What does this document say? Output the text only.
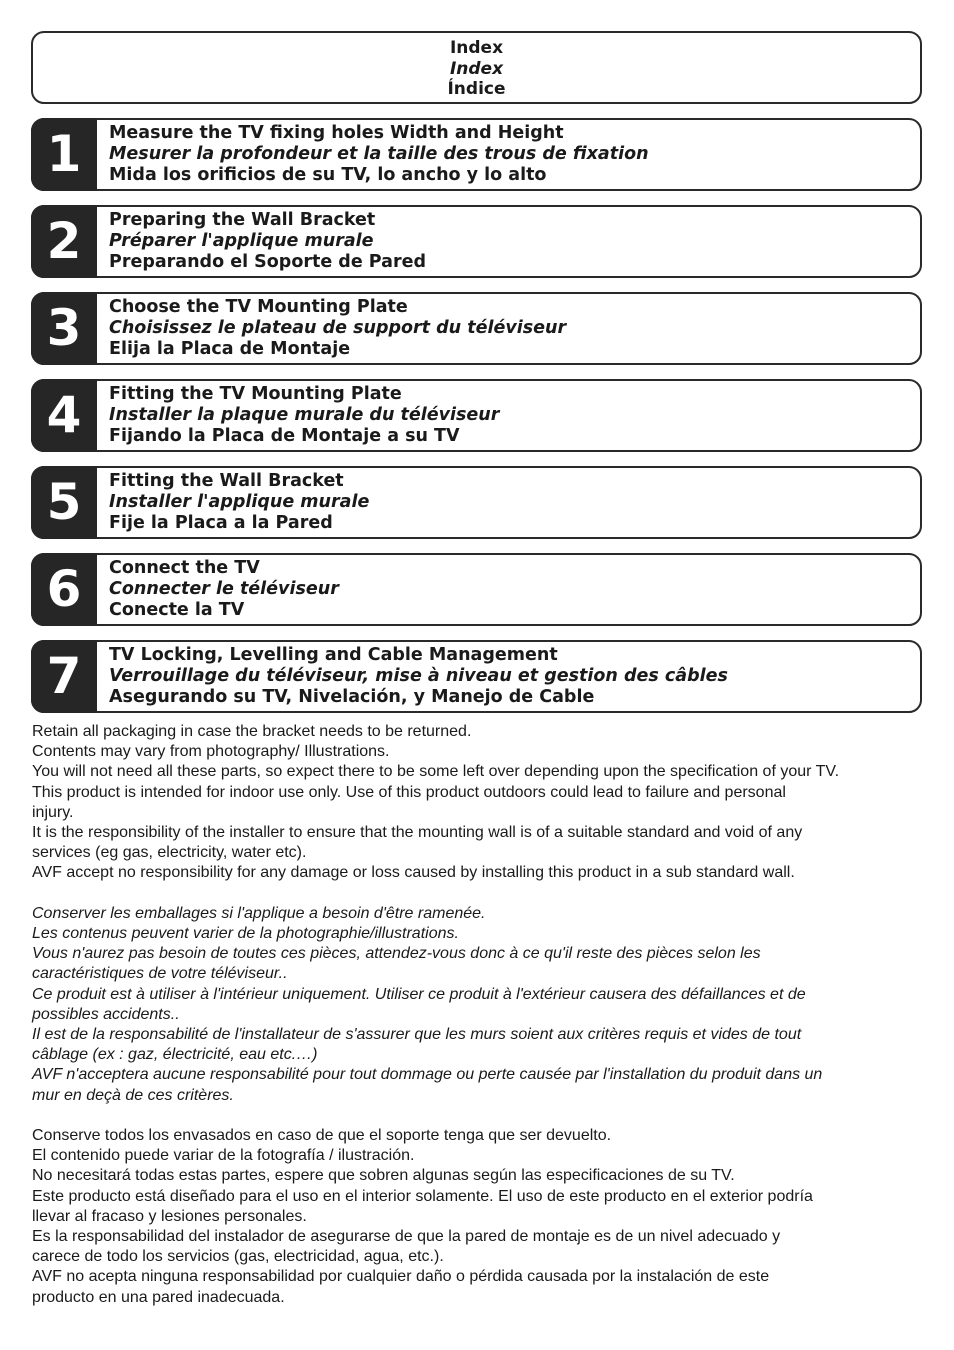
Index
Index
Índice
1	Measure the TV fixing holes Width and Height
Mesurer la profondeur et la taille des trous de fixation
Mida los orificios de su TV, lo ancho y lo alto
2	Preparing the Wall Bracket
Préparer l'applique murale
Preparando el Soporte de Pared
3	Choose the TV Mounting Plate
Choisissez le plateau de support du téléviseur
Elija la Placa de Montaje
4	Fitting the TV Mounting Plate
Installer la plaque murale du téléviseur
Fijando la Placa de Montaje a su TV
5	Fitting the Wall Bracket
Installer l'applique murale
Fije la Placa a la Pared
6	Connect the TV
Connecter le téléviseur
Conecte la TV
7	TV Locking, Levelling and Cable Management
Verrouillage du téléviseur, mise à niveau et gestion des câbles
Asegurando su TV, Nivelación, y Manejo de Cable

Retain all packaging in case the bracket needs to be returned.

Contents may vary from photography/ Illustrations.

You will not need all these parts, so expect there to be some left over depending upon the specification of your TV.

This product is intended for indoor use only. Use of this product outdoors could lead to failure and personal

injury.

It is the responsibility of the installer to ensure that the mounting wall is of a suitable standard and void of any

services (eg gas, electricity, water etc).

AVF accept no responsibility for any damage or loss caused by installing this product in a sub standard wall.

Conserver les emballages si l'applique a besoin d'être ramenée.

Les contenus peuvent varier de la photographie/illustrations.

Vous n'aurez pas besoin de toutes ces pièces, attendez-vous donc à ce qu'il reste des pièces selon les

caractéristiques de votre téléviseur..

Ce produit est à utiliser à l'intérieur uniquement. Utiliser ce produit à l'extérieur causera des défaillances et de

possibles accidents..

Il est de la responsabilité de l'installateur de s'assurer que les murs soient aux critères requis et vides de tout

câblage (ex : gaz, électricité, eau etc.…)

AVF n'acceptera aucune responsabilité pour tout dommage ou perte causée par l'installation du produit dans un

mur en deçà de ces critères.

Conserve todos los envasados en caso de que el soporte tenga que ser devuelto.

El contenido puede variar de la fotografía / ilustración.

No necesitará todas estas partes, espere que sobren algunas según las especificaciones de su TV.

Este producto está diseñado para el uso en el interior solamente. El uso de este producto en el exterior podría

llevar al fracaso y lesiones personales.

Es la responsabilidad del instalador de asegurarse de que la pared de montaje es de un nivel adecuado y

carece de todo los servicios (gas, electricidad, agua, etc.).

AVF no acepta ninguna responsabilidad por cualquier daño o pérdida causada por la instalación de este

producto en una pared inadecuada.
